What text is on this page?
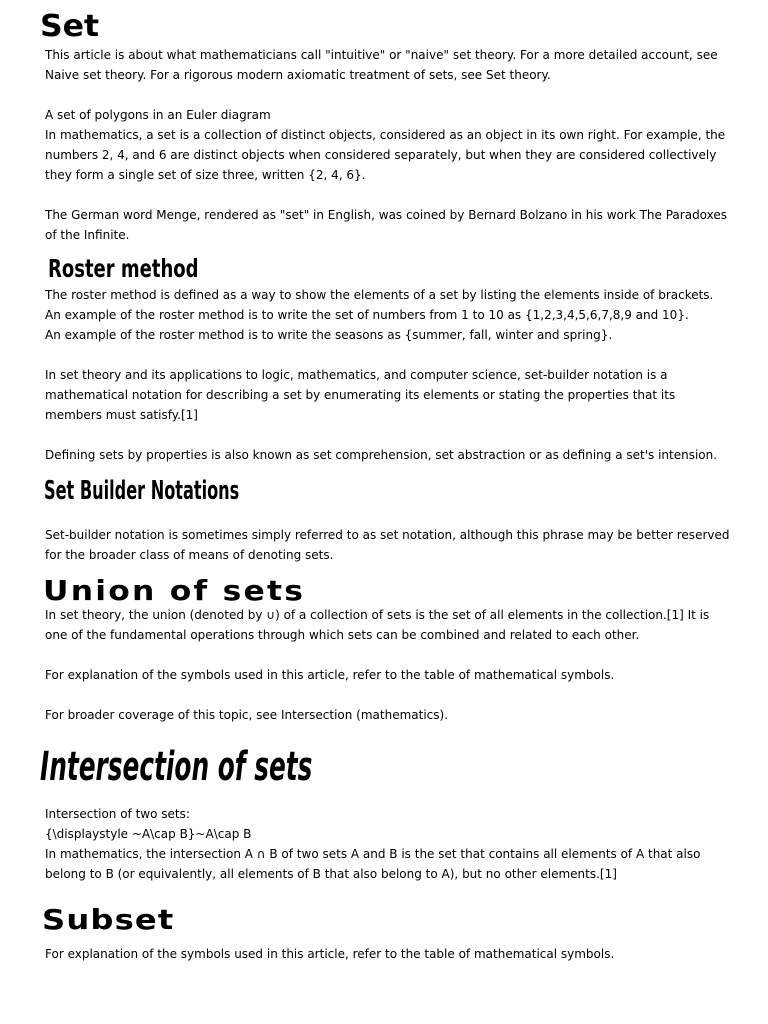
Set
This article is about what mathematicians call "intuitive" or "naive" set theory. For a more detailed account, see Naive set theory. For a rigorous modern axiomatic treatment of sets, see Set theory.
A set of polygons in an Euler diagram
In mathematics, a set is a collection of distinct objects, considered as an object in its own right. For example, the numbers 2, 4, and 6 are distinct objects when considered separately, but when they are considered collectively they form a single set of size three, written {2, 4, 6}.
The German word Menge, rendered as "set" in English, was coined by Bernard Bolzano in his work The Paradoxes of the Infinite.
Roster method
The roster method is defined as a way to show the elements of a set by listing the elements inside of brackets.
An example of the roster method is to write the set of numbers from 1 to 10 as {1,2,3,4,5,6,7,8,9 and 10}.
An example of the roster method is to write the seasons as {summer, fall, winter and spring}.
In set theory and its applications to logic, mathematics, and computer science, set-builder notation is a mathematical notation for describing a set by enumerating its elements or stating the properties that its members must satisfy.[1]
Defining sets by properties is also known as set comprehension, set abstraction or as defining a set's intension.
Set Builder Notations
Set-builder notation is sometimes simply referred to as set notation, although this phrase may be better reserved for the broader class of means of denoting sets.
Union of sets
In set theory, the union (denoted by ∪) of a collection of sets is the set of all elements in the collection.[1] It is one of the fundamental operations through which sets can be combined and related to each other.
For explanation of the symbols used in this article, refer to the table of mathematical symbols.
For broader coverage of this topic, see Intersection (mathematics).
Intersection of sets
Intersection of two sets:
{\displaystyle ~A\cap B}~A\cap B
In mathematics, the intersection A ∩ B of two sets A and B is the set that contains all elements of A that also belong to B (or equivalently, all elements of B that also belong to A), but no other elements.[1]
Subset
For explanation of the symbols used in this article, refer to the table of mathematical symbols.
